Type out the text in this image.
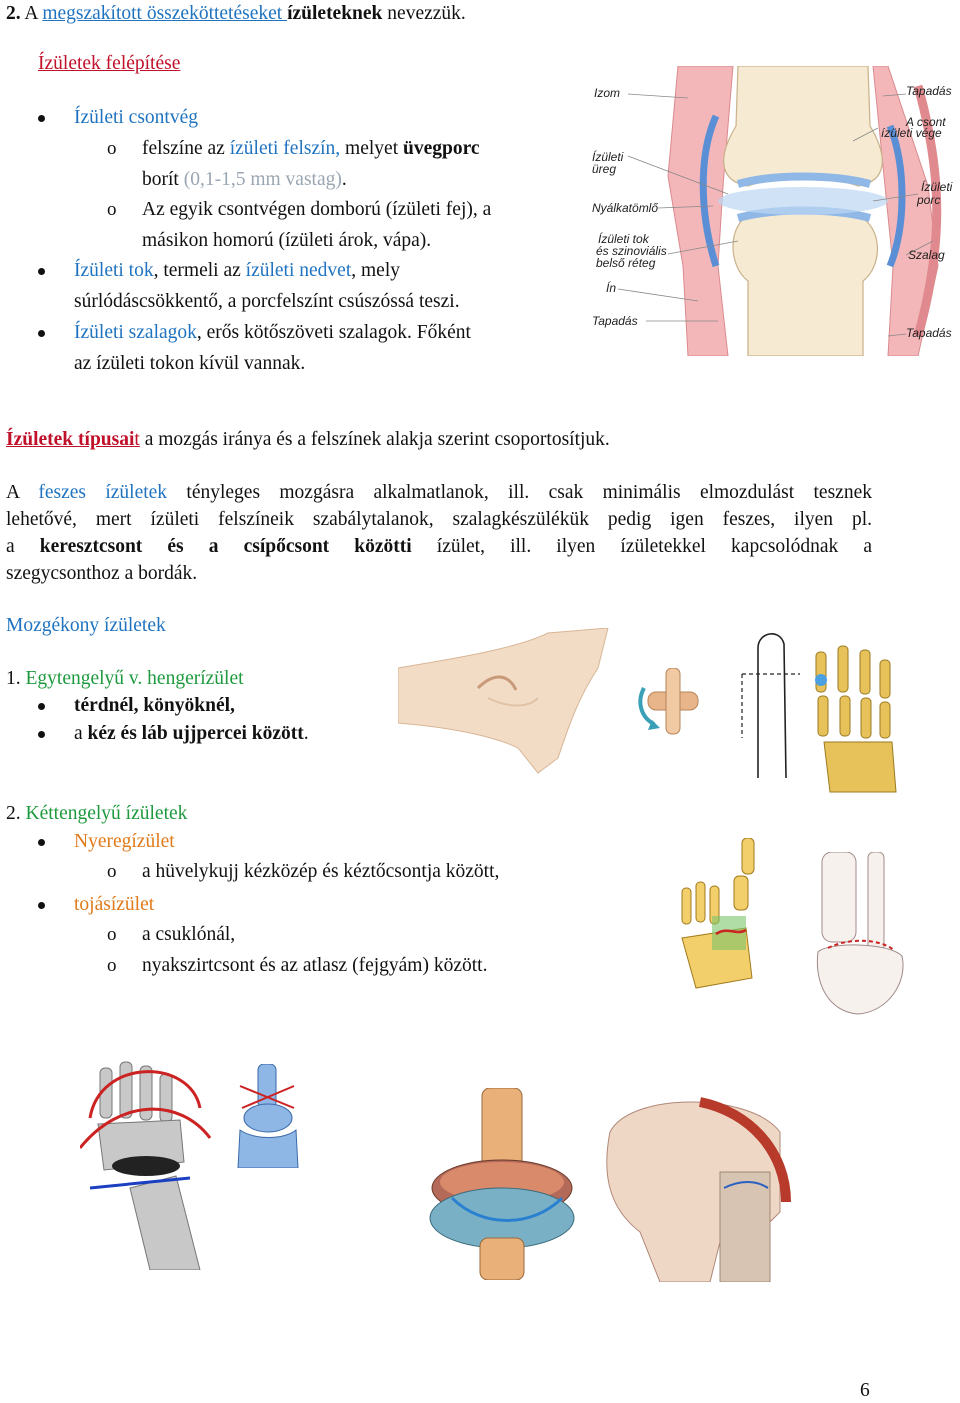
2. A megszakított összeköttetéseket ízületeknek nevezzük.
Ízületek felépítése
Ízületi csontvég
o felszíne az ízületi felszín, melyet üvegporc
borít (0,1-1,5 mm vastag).
o Az egyik csontvégen domború (ízületi fej), a
másikon homorú (ízületi árok, vápa).
Ízületi tok, termeli az ízületi nedvet, mely
súrlódáscsökkentő, a porcfelszínt csúszóssá teszi.
Ízületi szalagok, erős kötőszöveti szalagok. Főként
az ízületi tokon kívül vannak.
Izom
Ízületi
üreg
Nyálkatömlő
Ízületi tok
és szinoviális
belső réteg
Ín
Tapadás
Tapadás
A csont
ízületi vége
Ízületi
porc
Szalag
Tapadás
Ízületek típusait a mozgás iránya és a felszínek alakja szerint csoportosítjuk.
A feszes ízületek tényleges mozgásra alkalmatlanok, ill. csak minimális elmozdulást tesznek
lehetővé, mert ízületi felszíneik szabálytalanok, szalagkészülékük pedig igen feszes, ilyen pl.
a keresztcsont és a csípőcsont közötti ízület, ill. ilyen ízületekkel kapcsolódnak a
szegycsonthoz a bordák.
Mozgékony ízületek
1. Egytengelyű v. hengerízület
térdnél, könyöknél,
a kéz és láb ujjpercei között.
2. Kéttengelyű ízületek
Nyeregízület
o a hüvelykujj kézközép és kéztőcsontja között,
tojásízület
o a csuklónál,
o nyakszirtcsont és az atlasz (fejgyám) között.
6
